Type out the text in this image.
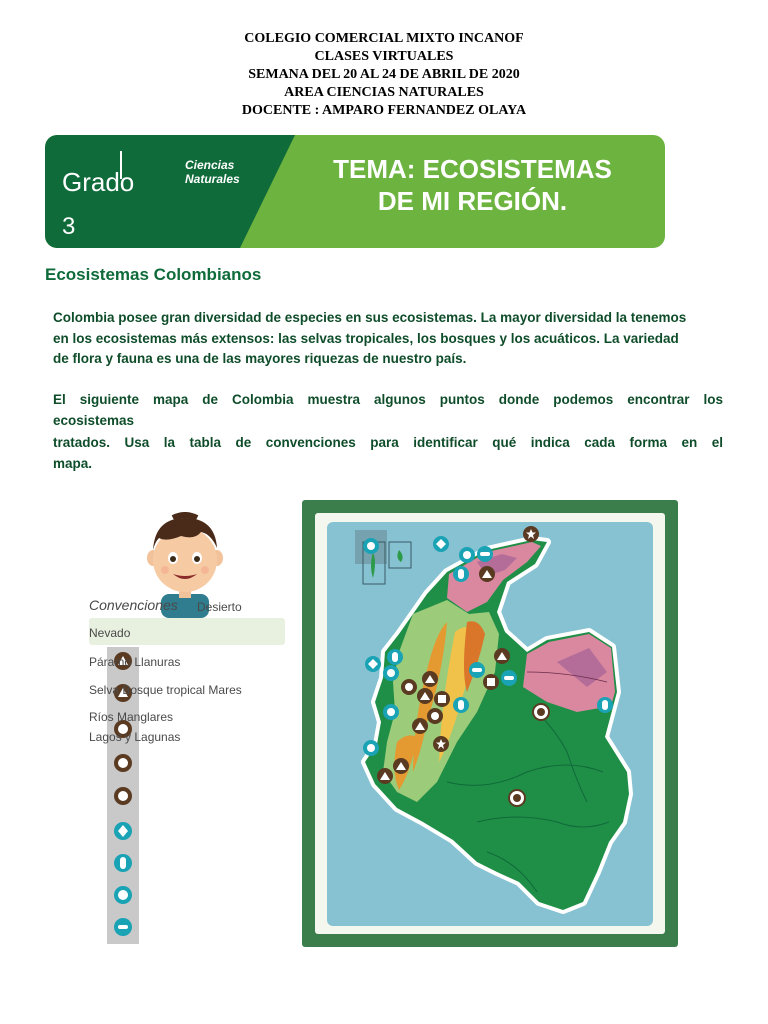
COLEGIO COMERCIAL MIXTO INCANOF
CLASES VIRTUALES
SEMANA DEL 20 AL 24 DE ABRIL DE 2020
AREA CIENCIAS NATURALES
DOCENTE : AMPARO FERNANDEZ OLAYA
Grado
3
Ciencias
Naturales	TEMA: ECOSISTEMAS
DE MI REGIÓN.
Ecosistemas Colombianos
Colombia posee gran diversidad de especies en sus ecosistemas. La mayor diversidad la tenemos
en los ecosistemas más extensos: las selvas tropicales, los bosques y los acuáticos. La variedad
de flora y fauna es una de las mayores riquezas de nuestro país.
El siguiente mapa de Colombia muestra algunos puntos donde podemos encontrar los
ecosistemas
tratados. Usa la tabla de convenciones para identificar qué indica cada forma en el
mapa.
Convenciones Desierto
Nevado
Páramo Llanuras
Selva Bosque tropical Mares
Ríos Manglares
Lagos y Lagunas
